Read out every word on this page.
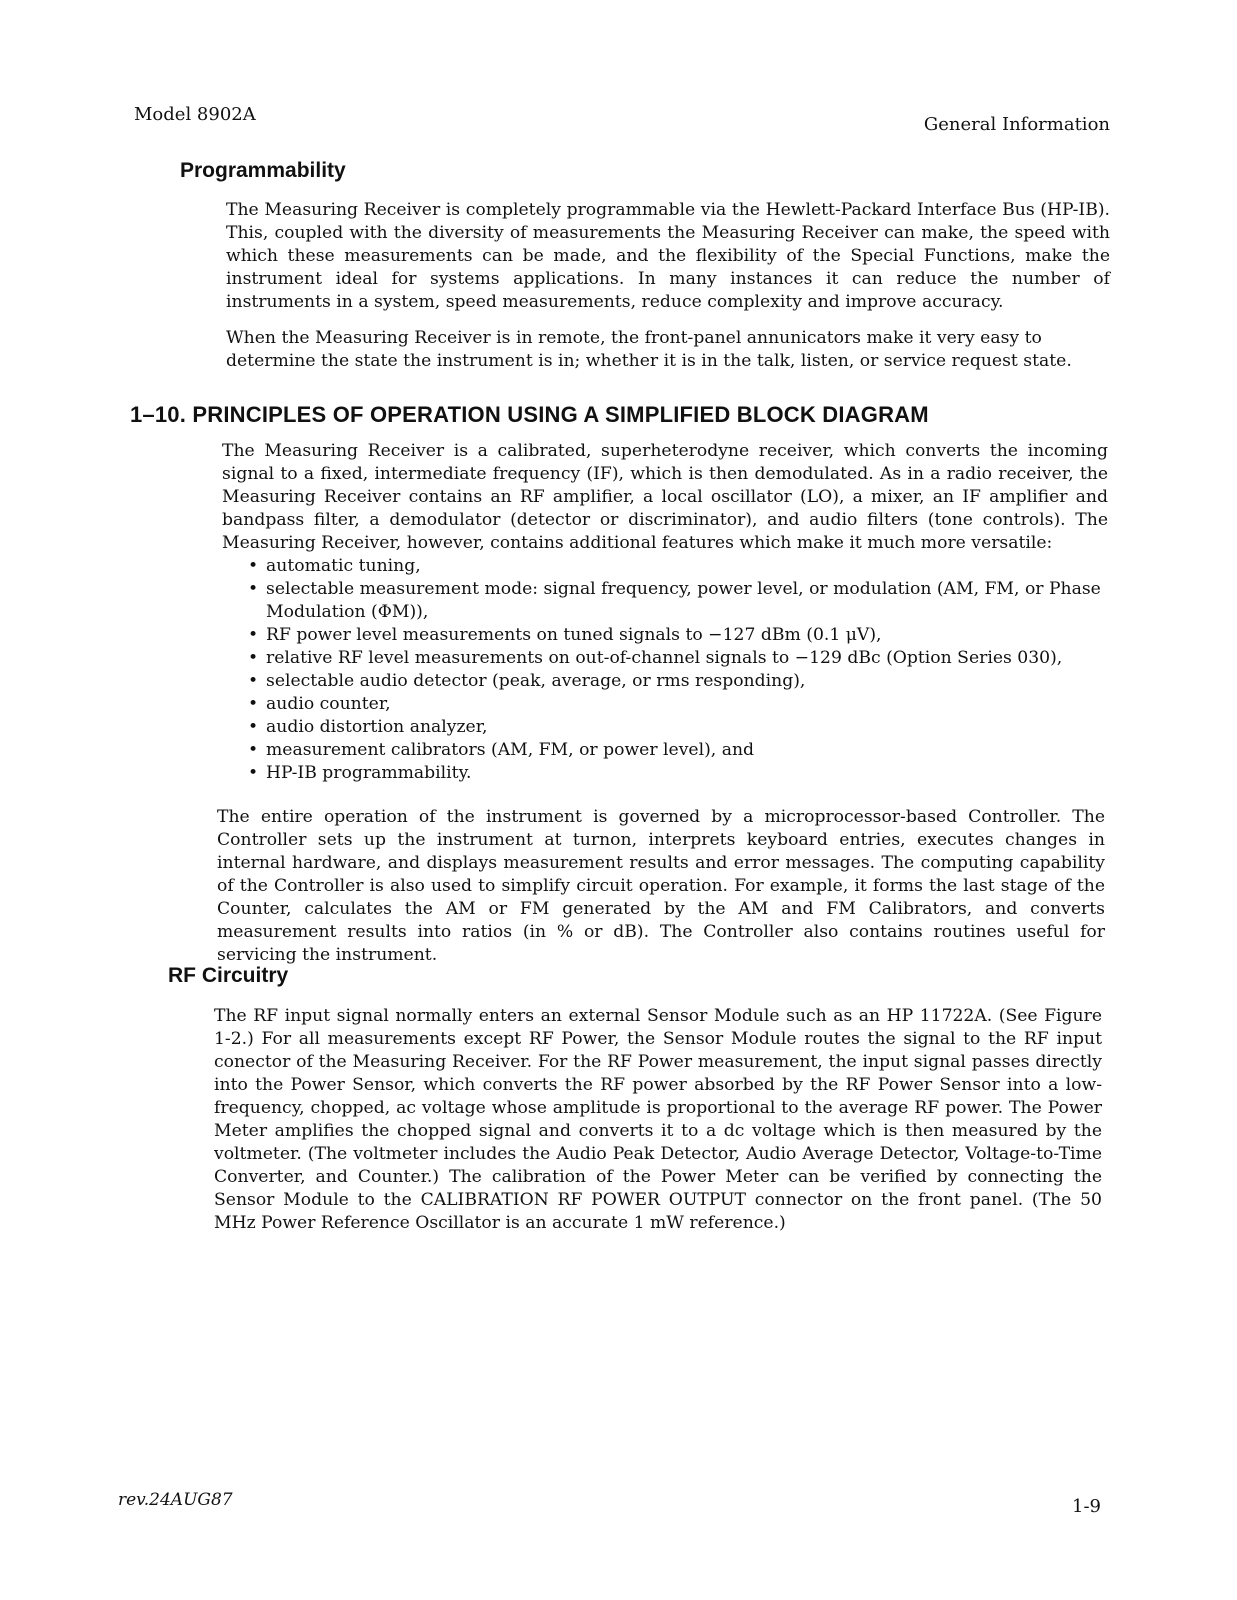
Model 8902A	General Information
Programmability

The Measuring Receiver is completely programmable via the Hewlett-Packard Interface Bus (HP-IB). This, coupled with the diversity of measurements the Measuring Receiver can make, the speed with which these measurements can be made, and the flexibility of the Special Functions, make the instrument ideal for systems applications. In many instances it can reduce the number of instruments in a system, speed measurements, reduce complexity and improve accuracy.

When the Measuring Receiver is in remote, the front-panel annunicators make it very easy to determine the state the instrument is in; whether it is in the talk, listen, or service request state.

1–10. PRINCIPLES OF OPERATION USING A SIMPLIFIED BLOCK DIAGRAM

The Measuring Receiver is a calibrated, superheterodyne receiver, which converts the incoming signal to a fixed, intermediate frequency (IF), which is then demodulated. As in a radio receiver, the Measuring Receiver contains an RF amplifier, a local oscillator (LO), a mixer, an IF amplifier and bandpass filter, a demodulator (detector or discriminator), and audio filters (tone controls). The Measuring Receiver, however, contains additional features which make it much more versatile:

• automatic tuning,
• selectable measurement mode: signal frequency, power level, or modulation (AM, FM, or Phase Modulation (ΦM)),
• RF power level measurements on tuned signals to −127 dBm (0.1 μV),
• relative RF level measurements on out-of-channel signals to −129 dBc (Option Series 030),
• selectable audio detector (peak, average, or rms responding),
• audio counter,
• audio distortion analyzer,
• measurement calibrators (AM, FM, or power level), and
• HP-IB programmability.

The entire operation of the instrument is governed by a microprocessor-based Controller. The Controller sets up the instrument at turnon, interprets keyboard entries, executes changes in internal hardware, and displays measurement results and error messages. The computing capability of the Controller is also used to simplify circuit operation. For example, it forms the last stage of the Counter, calculates the AM or FM generated by the AM and FM Calibrators, and converts measurement results into ratios (in % or dB). The Controller also contains routines useful for servicing the instrument.

RF Circuitry

The RF input signal normally enters an external Sensor Module such as an HP 11722A. (See Figure 1-2.) For all measurements except RF Power, the Sensor Module routes the signal to the RF input conector of the Measuring Receiver. For the RF Power measurement, the input signal passes directly into the Power Sensor, which converts the RF power absorbed by the RF Power Sensor into a low-frequency, chopped, ac voltage whose amplitude is proportional to the average RF power. The Power Meter amplifies the chopped signal and converts it to a dc voltage which is then measured by the voltmeter. (The voltmeter includes the Audio Peak Detector, Audio Average Detector, Voltage-to-Time Converter, and Counter.) The calibration of the Power Meter can be verified by connecting the Sensor Module to the CALIBRATION RF POWER OUTPUT connector on the front panel. (The 50 MHz Power Reference Oscillator is an accurate 1 mW reference.)

rev.24AUG87	1-9
